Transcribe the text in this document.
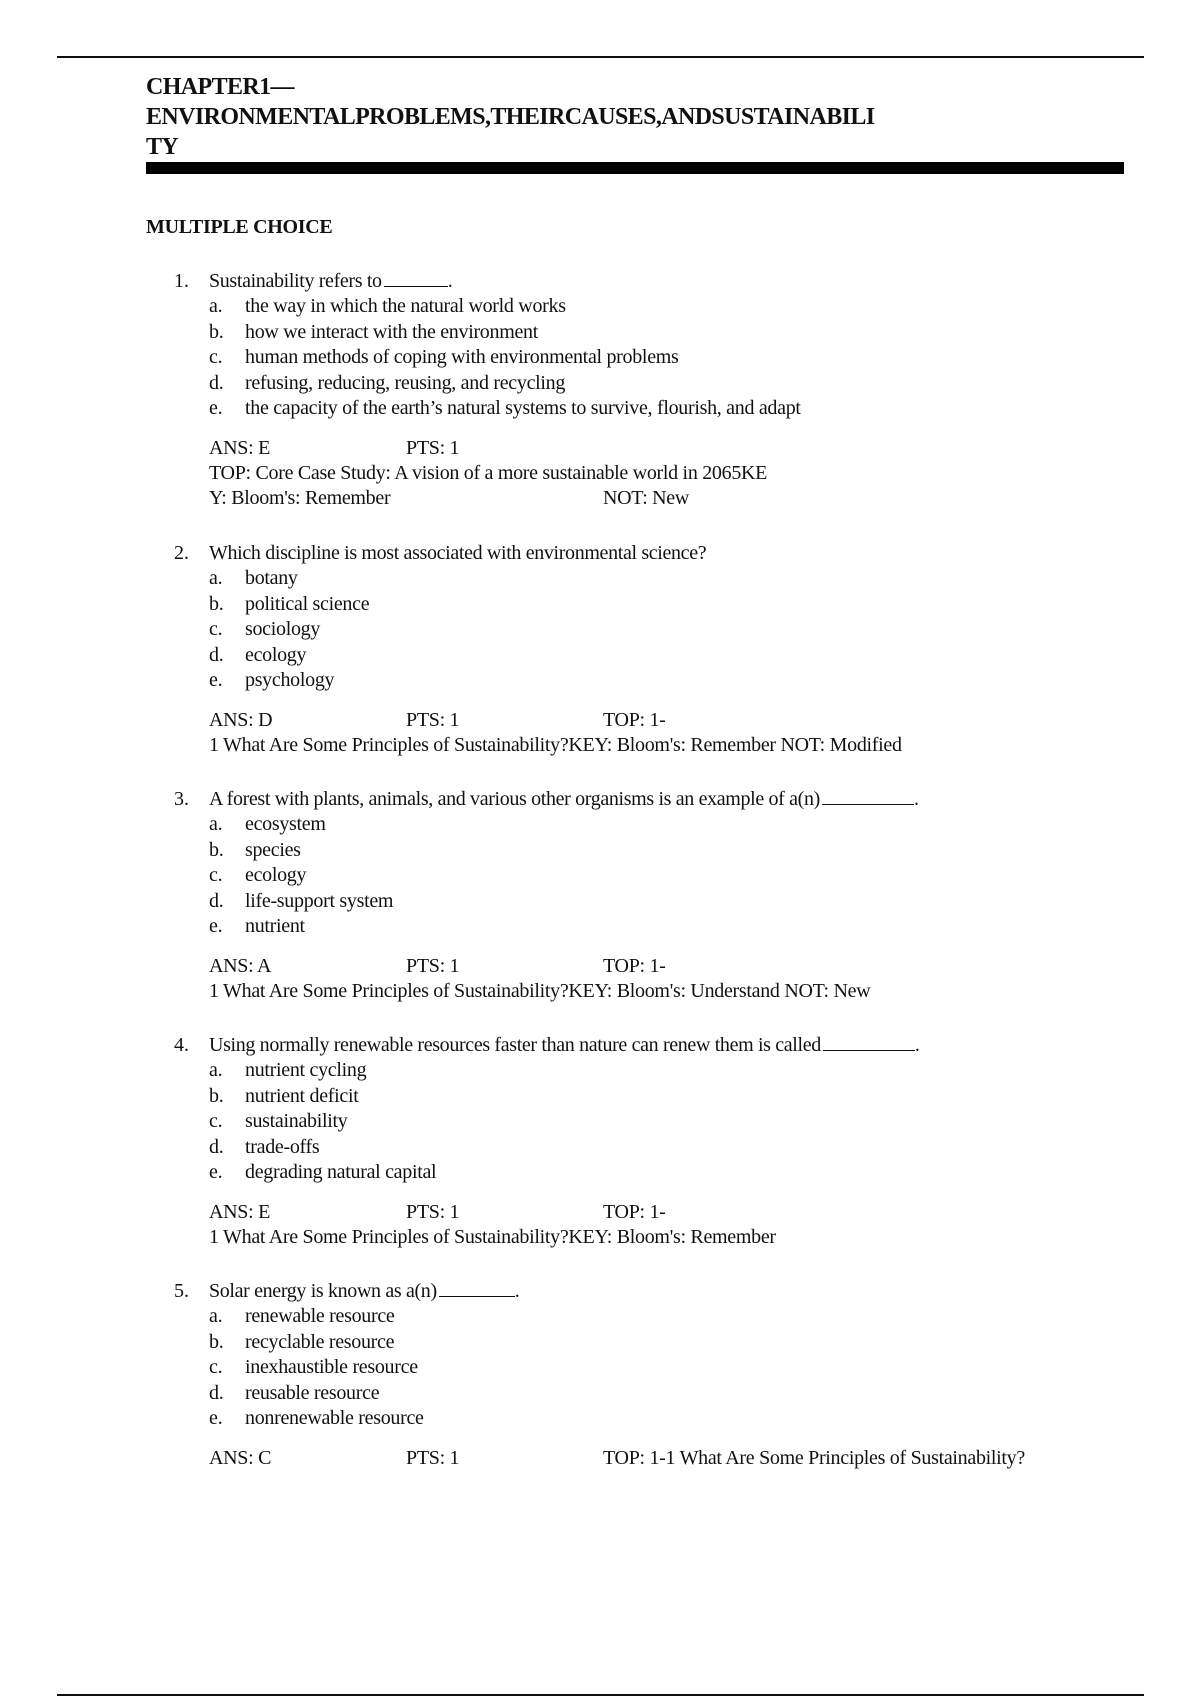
CHAPTER1—
ENVIRONMENTALPROBLEMS,THEIRCAUSES,ANDSUSTAINABILI
TY
MULTIPLE CHOICE
1. Sustainability refers to	.
a. the way in which the natural world works
b. how we interact with the environment
c. human methods of coping with environmental problems
d. refusing, reducing, reusing, and recycling
e. the capacity of the earth’s natural systems to survive, flourish, and adapt
ANS: E	PTS: 1
TOP: Core Case Study: A vision of a more sustainable world in 2065KE
Y: Bloom's: Remember	NOT: New
2. Which discipline is most associated with environmental science?
a. botany
b. political science
c. sociology
d. ecology
e. psychology
ANS: D	PTS: 1	TOP: 1-
1 What Are Some Principles of Sustainability?KEY: Bloom's: Remember NOT: Modified
3. A forest with plants, animals, and various other organisms is an example of a(n)	.
a. ecosystem
b. species
c. ecology
d. life-support system
e. nutrient
ANS: A	PTS: 1	TOP: 1-
1 What Are Some Principles of Sustainability?KEY: Bloom's: Understand NOT: New
4. Using normally renewable resources faster than nature can renew them is called	.
a. nutrient cycling
b. nutrient deficit
c. sustainability
d. trade-offs
e. degrading natural capital
ANS: E	PTS: 1	TOP: 1-
1 What Are Some Principles of Sustainability?KEY: Bloom's: Remember
5. Solar energy is known as a(n)	.
a. renewable resource
b. recyclable resource
c. inexhaustible resource
d. reusable resource
e. nonrenewable resource
ANS: C	PTS: 1	TOP: 1-1 What Are Some Principles of Sustainability?
